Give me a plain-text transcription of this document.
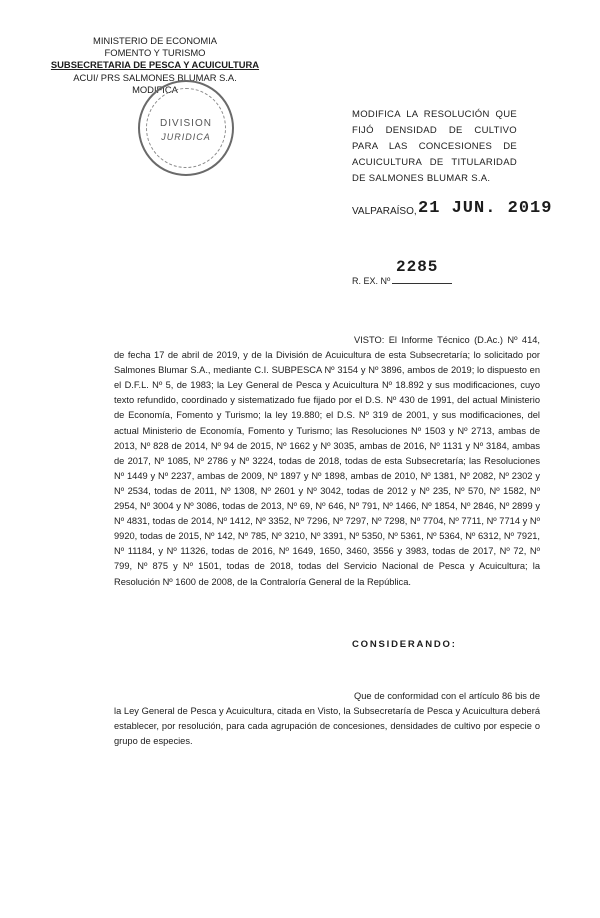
MINISTERIO DE ECONOMIA
FOMENTO Y TURISMO
SUBSECRETARIA DE PESCA Y ACUICULTURA
ACUI/ PRS SALMONES BLUMAR S.A. MODIFICA
DIVISION
JURIDICA
MODIFICA LA RESOLUCIÓN QUE FIJÓ DENSIDAD DE CULTIVO PARA LAS CONCESIONES DE ACUICULTURA DE TITULARIDAD DE SALMONES BLUMAR S.A.
VALPARAÍSO, 21 JUN. 2019
2285
R. EX. Nº
VISTO: El Informe Técnico (D.Ac.) Nº 414, de fecha 17 de abril de 2019, y de la División de Acuicultura de esta Subsecretaría; lo solicitado por Salmones Blumar S.A., mediante C.I. SUBPESCA Nº 3154 y Nº 3896, ambos de 2019; lo dispuesto en el D.F.L. Nº 5, de 1983; la Ley General de Pesca y Acuicultura Nº 18.892 y sus modificaciones, cuyo texto refundido, coordinado y sistematizado fue fijado por el D.S. Nº 430 de 1991, del actual Ministerio de Economía, Fomento y Turismo; la ley 19.880; el D.S. Nº 319 de 2001, y sus modificaciones, del actual Ministerio de Economía, Fomento y Turismo; las Resoluciones Nº 1503 y Nº 2713, ambas de 2013, Nº 828 de 2014, Nº 94 de 2015, Nº 1662 y Nº 3035, ambas de 2016, Nº 1131 y Nº 3184, ambas de 2017, Nº 1085, Nº 2786 y Nº 3224, todas de 2018, todas de esta Subsecretaría; las Resoluciones Nº 1449 y Nº 2237, ambas de 2009, Nº 1897 y Nº 1898, ambas de 2010, Nº 1381, Nº 2082, Nº 2302 y Nº 2534, todas de 2011, Nº 1308, Nº 2601 y Nº 3042, todas de 2012 y Nº 235, Nº 570, Nº 1582, Nº 2954, Nº 3004 y Nº 3086, todas de 2013, Nº 69, Nº 646, Nº 791, Nº 1466, Nº 1854, Nº 2846, Nº 2899 y Nº 4831, todas de 2014, Nº 1412, Nº 3352, Nº 7296, Nº 7297, Nº 7298, Nº 7704, Nº 7711, Nº 7714 y Nº 9920, todas de 2015, Nº 142, Nº 785, Nº 3210, Nº 3391, Nº 5350, Nº 5361, Nº 5364, Nº 6312, Nº 7921, Nº 11184, y Nº 11326, todas de 2016, Nº 1649, 1650, 3460, 3556 y 3983, todas de 2017, Nº 72, Nº 799, Nº 875 y Nº 1501, todas de 2018, todas del Servicio Nacional de Pesca y Acuicultura; la Resolución Nº 1600 de 2008, de la Contraloría General de la República.
CONSIDERANDO:
Que de conformidad con el artículo 86 bis de la Ley General de Pesca y Acuicultura, citada en Visto, la Subsecretaría de Pesca y Acuicultura deberá establecer, por resolución, para cada agrupación de concesiones, densidades de cultivo por especie o grupo de especies.
